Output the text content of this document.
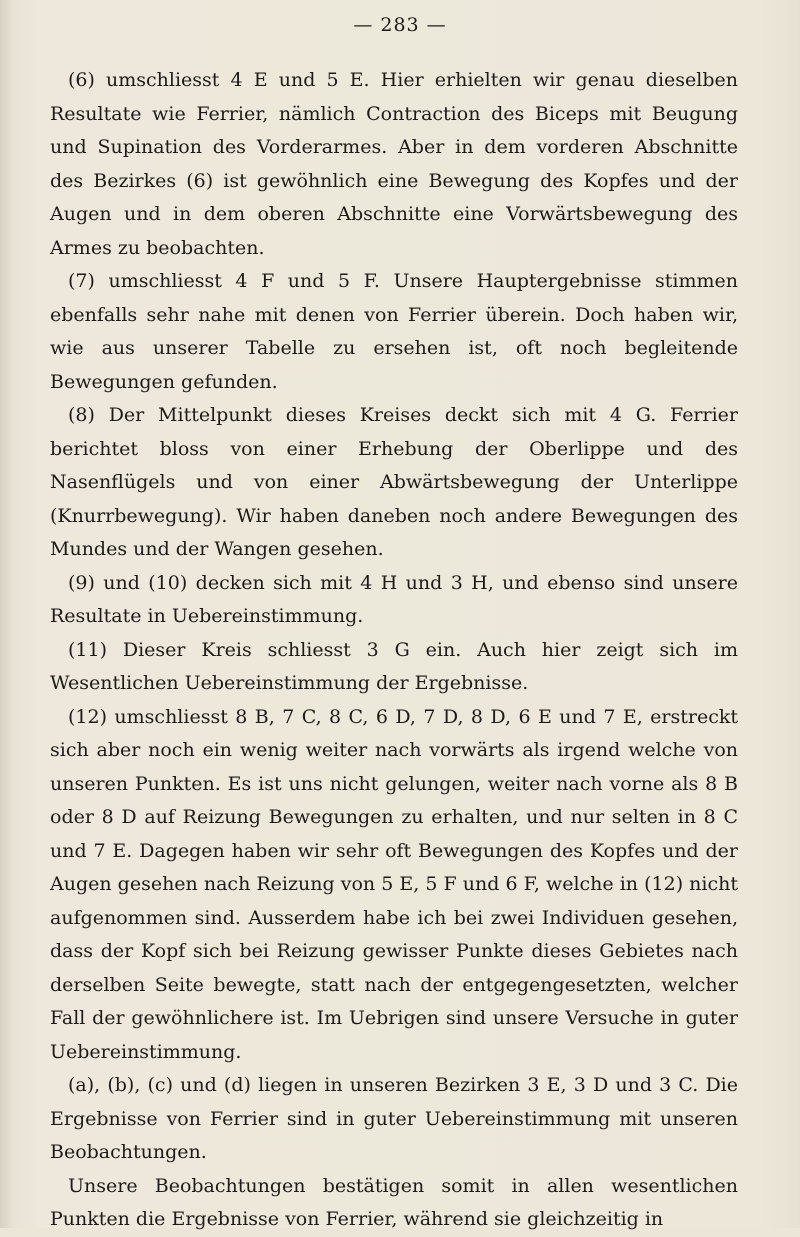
— 283 —

(6) umschliesst 4 E und 5 E. Hier erhielten wir genau dieselben Resultate wie Ferrier, nämlich Contraction des Biceps mit Beugung und Supination des Vorderarmes. Aber in dem vorderen Abschnitte des Bezirkes (6) ist gewöhnlich eine Bewegung des Kopfes und der Augen und in dem oberen Abschnitte eine Vorwärtsbewegung des Armes zu beobachten.

(7) umschliesst 4 F und 5 F. Unsere Hauptergebnisse stimmen ebenfalls sehr nahe mit denen von Ferrier überein. Doch haben wir, wie aus unserer Tabelle zu ersehen ist, oft noch begleitende Bewegungen gefunden.

(8) Der Mittelpunkt dieses Kreises deckt sich mit 4 G. Ferrier berichtet bloss von einer Erhebung der Oberlippe und des Nasenflügels und von einer Abwärtsbewegung der Unterlippe (Knurrbewegung). Wir haben daneben noch andere Bewegungen des Mundes und der Wangen gesehen.

(9) und (10) decken sich mit 4 H und 3 H, und ebenso sind unsere Resultate in Uebereinstimmung.

(11) Dieser Kreis schliesst 3 G ein. Auch hier zeigt sich im Wesentlichen Uebereinstimmung der Ergebnisse.

(12) umschliesst 8 B, 7 C, 8 C, 6 D, 7 D, 8 D, 6 E und 7 E, erstreckt sich aber noch ein wenig weiter nach vorwärts als irgend welche von unseren Punkten. Es ist uns nicht gelungen, weiter nach vorne als 8 B oder 8 D auf Reizung Bewegungen zu erhalten, und nur selten in 8 C und 7 E. Dagegen haben wir sehr oft Bewegungen des Kopfes und der Augen gesehen nach Reizung von 5 E, 5 F und 6 F, welche in (12) nicht aufgenommen sind. Ausserdem habe ich bei zwei Individuen gesehen, dass der Kopf sich bei Reizung gewisser Punkte dieses Gebietes nach derselben Seite bewegte, statt nach der entgegengesetzten, welcher Fall der gewöhnlichere ist. Im Uebrigen sind unsere Versuche in guter Uebereinstimmung.

(a), (b), (c) und (d) liegen in unseren Bezirken 3 E, 3 D und 3 C. Die Ergebnisse von Ferrier sind in guter Uebereinstimmung mit unseren Beobachtungen.

Unsere Beobachtungen bestätigen somit in allen wesentlichen Punkten die Ergebnisse von Ferrier, während sie gleichzeitig in
